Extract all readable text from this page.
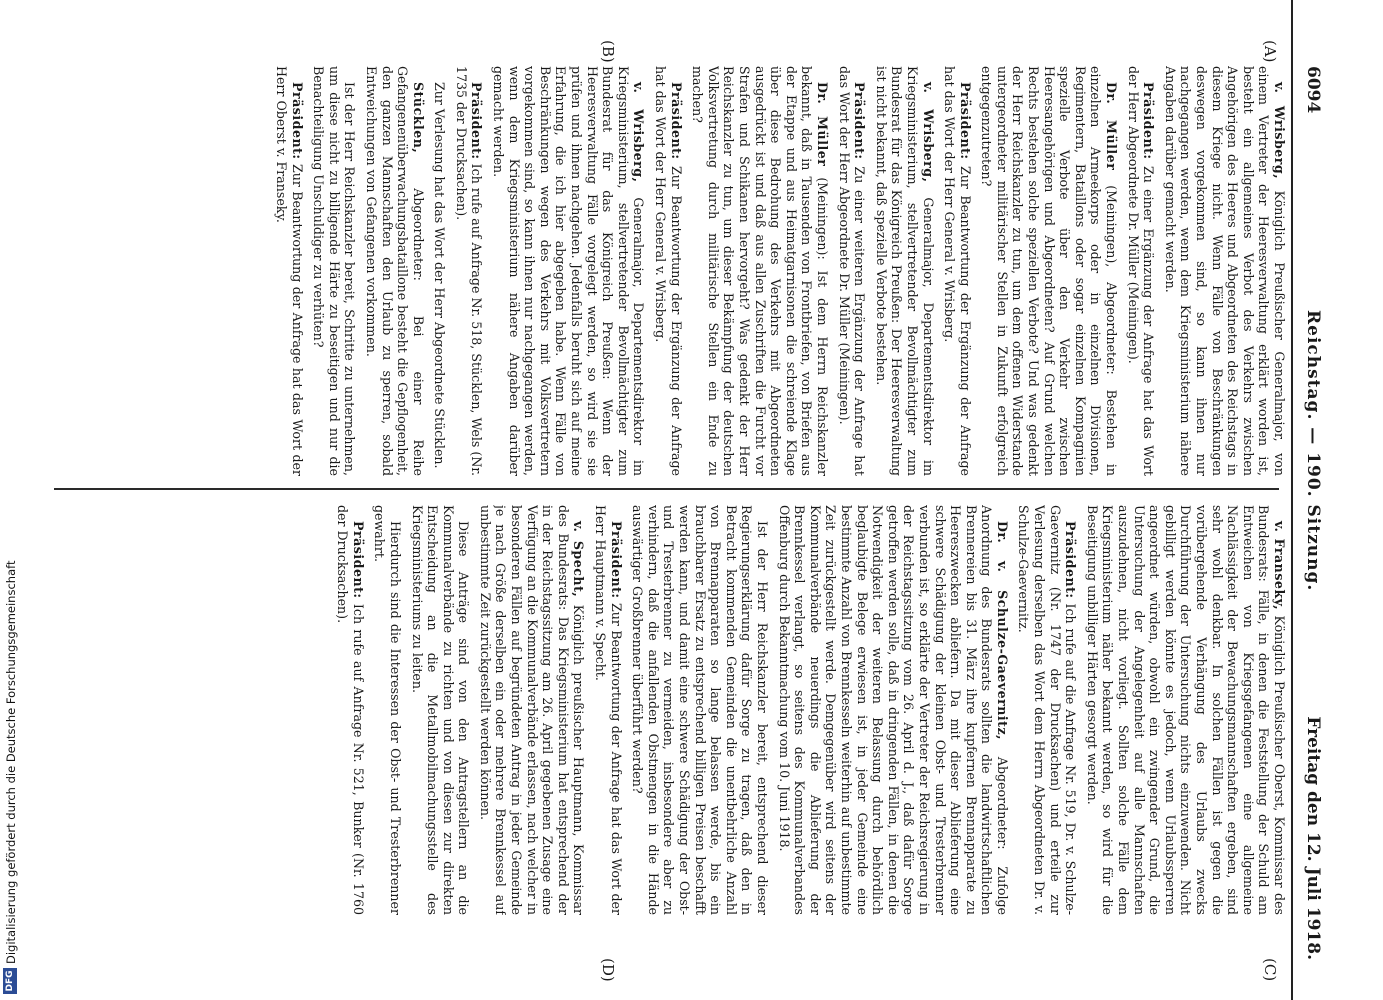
6094
Reichstag. — 190. Sitzung.
Freitag den 12. Juli 1918.
(A)
(B)
(C)
(D)

v. Wrisberg, Königlich Preußischer Generalmajor, von einem Vertreter der Heeresverwaltung erklärt worden ist, besteht ein allgemeines Verbot des Verkehrs zwischen Angehörigen des Heeres und Abgeordneten des Reichstags in diesem Kriege nicht. Wenn Fälle von Beschränkungen deswegen vorgekommen sind, so kann ihnen nur nachgegangen werden, wenn dem Kriegsministerium nähere Angaben darüber gemacht werden.

Präsident: Zu einer Ergänzung der Anfrage hat das Wort der Herr Abgeordnete Dr. Müller (Meiningen).

Dr. Müller (Meiningen), Abgeordneter: Bestehen in einzelnen Armeekorps oder in einzelnen Divisionen, Regimentern, Bataillons oder sogar einzelnen Kompagnien spezielle Verbote über den Verkehr zwischen Heeresangehörigen und Abgeordneten? Auf Grund welchen Rechts bestehen solche speziellen Verbote? Und was gedenkt der Herr Reichskanzler zu tun, um dem offenen Widerstande untergeordneter militärischer Stellen in Zukunft erfolgreich entgegenzutreten?

Präsident: Zur Beantwortung der Ergänzung der Anfrage hat das Wort der Herr General v. Wrisberg.

v. Wrisberg, Generalmajor, Departementsdirektor im Kriegsministerium, stellvertretender Bevollmächtigter zum Bundesrat für das Königreich Preußen: Der Heeresverwaltung ist nicht bekannt, daß spezielle Verbote bestehen.

Präsident: Zu einer weiteren Ergänzung der Anfrage hat das Wort der Herr Abgeordnete Dr. Müller (Meiningen).

Dr. Müller (Meiningen): Ist dem Herrn Reichskanzler bekannt, daß in Tausenden von Frontbriefen, von Briefen aus der Etappe und aus Heimatgarnisonen die schreiende Klage über diese Bedrohung des Verkehrs mit Abgeordneten ausgedrückt ist und daß aus allen Zuschriften die Furcht vor Strafen und Schikanen hervorgeht? Was gedenkt der Herr Reichskanzler zu tun, um dieser Bekämpfung der deutschen Volksvertretung durch militärische Stellen ein Ende zu machen?

Präsident: Zur Beantwortung der Ergänzung der Anfrage hat das Wort der Herr General v. Wrisberg.

v. Wrisberg, Generalmajor, Departementsdirektor im Kriegsministerium, stellvertretender Bevollmächtigter zum Bundesrat für das Königreich Preußen: Wenn der Heeresverwaltung Fälle vorgelegt werden, so wird sie sie prüfen und ihnen nachgehen. Jedenfalls beruht sich auf meine Erfahrung, die ich hier abgegeben habe. Wenn Fälle von Beschränkungen wegen des Verkehrs mit Volksvertretern vorgekommen sind, so kann ihnen nur nachgegangen werden, wenn dem Kriegsministerium nähere Angaben darüber gemacht werden.

Präsident: Ich rufe auf Anfrage Nr. 518, Stücklen, Wels (Nr. 1735 der Drucksachen).

Zur Verlesung hat das Wort der Herr Abgeordnete Stücklen.

Stücklen, Abgeordneter: Bei einer Reihe Gefangenenüberwachungsbataillone besteht die Gepflogenheit, den ganzen Mannschaften den Urlaub zu sperren, sobald Entweichungen von Gefangenen vorkommen.

Ist der Herr Reichskanzler bereit, Schritte zu unternehmen, um diese nicht zu billigende Härte zu beseitigen und nur die Benachteiligung Unschuldiger zu verhüten?

Präsident: Zur Beantwortung der Anfrage hat das Wort der Herr Oberst v. Franseky.

v. Franseky, Königlich Preußischer Oberst, Kommissar des Bundesrats: Fälle, in denen die Feststellung der Schuld am Entweichen von Kriegsgefangenen eine allgemeine Nachlässigkeit der Bewachungsmannschaften ergeben, sind sehr wohl denkbar. In solchen Fällen ist gegen die vorübergehende Verhängung des Urlaubs zwecks Durchführung der Untersuchung nichts einzuwenden. Nicht gebilligt werden könnte es jedoch, wenn Urlaubssperren angeordnet würden, obwohl ein zwingender Grund, die Untersuchung der Angelegenheit auf alle Mannschaften auszudehnen, nicht vorliegt. Sollten solche Fälle dem Kriegsministerium näher bekannt werden, so wird für die Beseitigung unbilliger Härten gesorgt werden.

Präsident: Ich rufe auf die Anfrage Nr. 519, Dr. v. Schulze-Gaevernitz (Nr. 1747 der Drucksachen) und erteile zur Verlesung derselben das Wort dem Herrn Abgeordneten Dr. v. Schulze-Gaevernitz.

Dr. v. Schulze-Gaevernitz, Abgeordneter: Zufolge Anordnung des Bundesrats sollten die landwirtschaftlichen Brennereien bis 31. März ihre kupfernen Brennapparate zu Heereszwecken abliefern. Da mit dieser Ablieferung eine schwere Schädigung der kleinen Obst- und Tresterbrenner verbunden ist, so erklärte der Vertreter der Reichsregierung in der Reichstagssitzung vom 26. April d. J., daß dafür Sorge getroffen werden solle, daß in dringenden Fällen, in denen die Notwendigkeit der weiteren Belassung durch behördlich beglaubigte Belege erwiesen ist, in jeder Gemeinde eine bestimmte Anzahl von Brennkesseln weiterhin auf unbestimmte Zeit zurückgestellt werde. Demgegenüber wird seitens der Kommunalverbände neuerdings die Ablieferung der Brennkessel verlangt, so seitens des Kommunalverbandes Offenburg durch Bekanntmachung vom 10. Juni 1918.

Ist der Herr Reichskanzler bereit, entsprechend dieser Regierungserklärung dafür Sorge zu tragen, daß den in Betracht kommenden Gemeinden die unentbehrliche Anzahl von Brennapparaten so lange belassen werde, bis ein brauchbarer Ersatz zu entsprechend billigen Preisen beschafft werden kann, und damit eine schwere Schädigung der Obst- und Tresterbrenner zu vermeiden, insbesondere aber zu verhindern, daß die anfallenden Obstmengen in die Hände auswärtiger Großbrenner überführt werden?

Präsident: Zur Beantwortung der Anfrage hat das Wort der Herr Hauptmann v. Specht.

v. Specht, Königlich preußischer Hauptmann, Kommissar des Bundesrats: Das Kriegsministerium hat entsprechend der in der Reichstagssitzung am 26. April gegebenen Zusage eine Verfügung an die Kommunalverbände erlassen, nach welcher in besonderen Fällen auf begründeten Antrag in jeder Gemeinde je nach Größe derselben ein oder mehrere Brennkessel auf unbestimmte Zeit zurückgestellt werden können.

Diese Anträge sind von den Antragstellern an die Kommunalverbände zu richten und von diesen zur direkten Entscheidung an die Metallmobilmachungsstelle des Kriegsministeriums zu leiten.

Hierdurch sind die Interessen der Obst- und Tresterbrenner gewahrt.

Präsident: Ich rufe auf Anfrage Nr. 521, Bunker (Nr. 1760 der Drucksachen).

DFG
Digitalisierung gefördert durch die Deutsche Forschungsgemeinschaft
